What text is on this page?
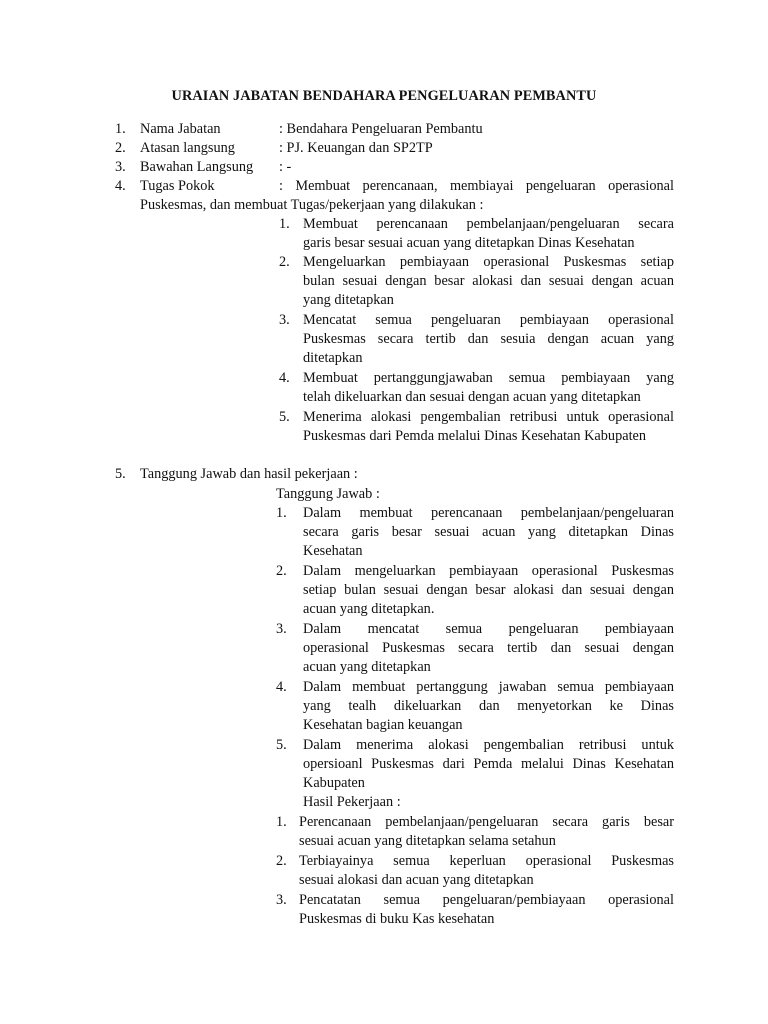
URAIAN JABATAN BENDAHARA PENGELUARAN PEMBANTU
1. Nama Jabatan	: Bendahara Pengeluaran Pembantu
2. Atasan langsung	: PJ. Keuangan dan SP2TP
3. Bawahan Langsung : -
4. Tugas Pokok	: Membuat perencanaan, membiayai pengeluaran operasional
Puskesmas, dan membuat Tugas/pekerjaan yang dilakukan :
1. Membuat perencanaan pembelanjaan/pengeluaran secara
garis besar sesuai acuan yang ditetapkan Dinas Kesehatan
2. Mengeluarkan pembiayaan operasional Puskesmas setiap
bulan sesuai dengan besar alokasi dan sesuai dengan acuan
yang ditetapkan
3. Mencatat semua pengeluaran pembiayaan operasional
Puskesmas secara tertib dan sesuia dengan acuan yang
ditetapkan
4. Membuat pertanggungjawaban semua pembiayaan yang
telah dikeluarkan dan sesuai dengan acuan yang ditetapkan
5. Menerima alokasi pengembalian retribusi untuk operasional
Puskesmas dari Pemda melalui Dinas Kesehatan Kabupaten
5. Tanggung Jawab dan hasil pekerjaan :
Tanggung Jawab :
1. Dalam membuat perencanaan pembelanjaan/pengeluaran
secara garis besar sesuai acuan yang ditetapkan Dinas
Kesehatan
2. Dalam mengeluarkan pembiayaan operasional Puskesmas
setiap bulan sesuai dengan besar alokasi dan sesuai dengan
acuan yang ditetapkan.
3. Dalam mencatat semua pengeluaran pembiayaan
operasional Puskesmas secara tertib dan sesuai dengan
acuan yang ditetapkan
4. Dalam membuat pertanggung jawaban semua pembiayaan
yang tealh dikeluarkan dan menyetorkan ke Dinas
Kesehatan bagian keuangan
5. Dalam menerima alokasi pengembalian retribusi untuk
opersioanl Puskesmas dari Pemda melalui Dinas Kesehatan
Kabupaten
Hasil Pekerjaan :
1. Perencanaan pembelanjaan/pengeluaran secara garis besar
sesuai acuan yang ditetapkan selama setahun
2. Terbiayainya semua keperluan operasional Puskesmas
sesuai alokasi dan acuan yang ditetapkan
3. Pencatatan semua pengeluaran/pembiayaan operasional
Puskesmas di buku Kas kesehatan
